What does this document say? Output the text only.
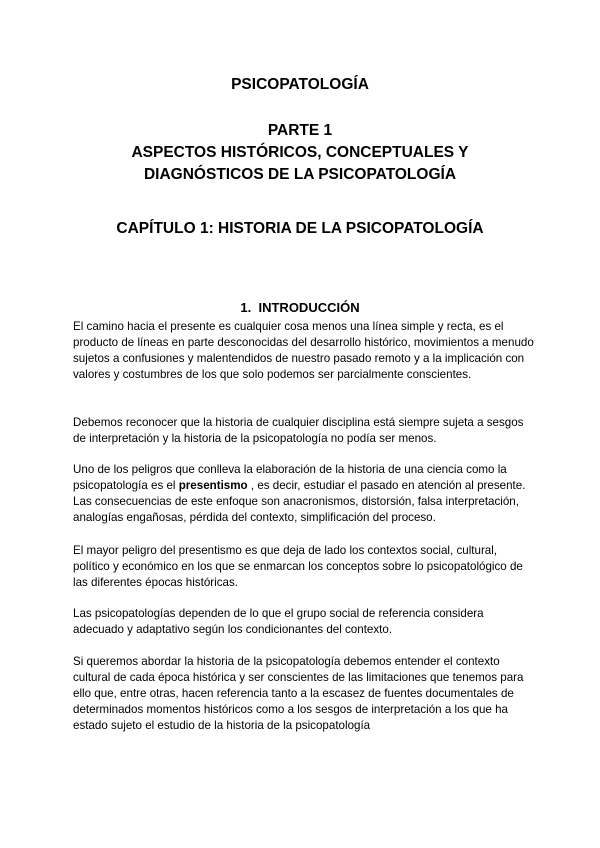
PSICOPATOLOGÍA
PARTE 1
ASPECTOS HISTÓRICOS, CONCEPTUALES Y
DIAGNÓSTICOS DE LA PSICOPATOLOGÍA
CAPÍTULO 1: HISTORIA DE LA PSICOPATOLOGÍA
1. INTRODUCCIÓN

El camino hacia el presente es cualquier cosa menos una línea simple y recta, es el producto de líneas en parte desconocidas del desarrollo histórico, movimientos a menudo sujetos a confusiones y malentendidos de nuestro pasado remoto y a la implicación con valores y costumbres de los que solo podemos ser parcialmente conscientes.

Debemos reconocer que la historia de cualquier disciplina está siempre sujeta a sesgos de interpretación y la historia de la psicopatología no podía ser menos.

Uno de los peligros que conlleva la elaboración de la historia de una ciencia como la psicopatología es el presentismo , es decir, estudiar el pasado en atención al presente. Las consecuencias de este enfoque son anacronismos, distorsión, falsa interpretación, analogías engañosas, pérdida del contexto, simplificación del proceso.

El mayor peligro del presentismo es que deja de lado los contextos social, cultural, político y económico en los que se enmarcan los conceptos sobre lo psicopatológico de las diferentes épocas históricas.

Las psicopatologías dependen de lo que el grupo social de referencia considera adecuado y adaptativo según los condicionantes del contexto.

Si queremos abordar la historia de la psicopatología debemos entender el contexto cultural de cada época histórica y ser conscientes de las limitaciones que tenemos para ello que, entre otras, hacen referencia tanto a la escasez de fuentes documentales de determinados momentos históricos como a los sesgos de interpretación a los que ha estado sujeto el estudio de la historia de la psicopatología
